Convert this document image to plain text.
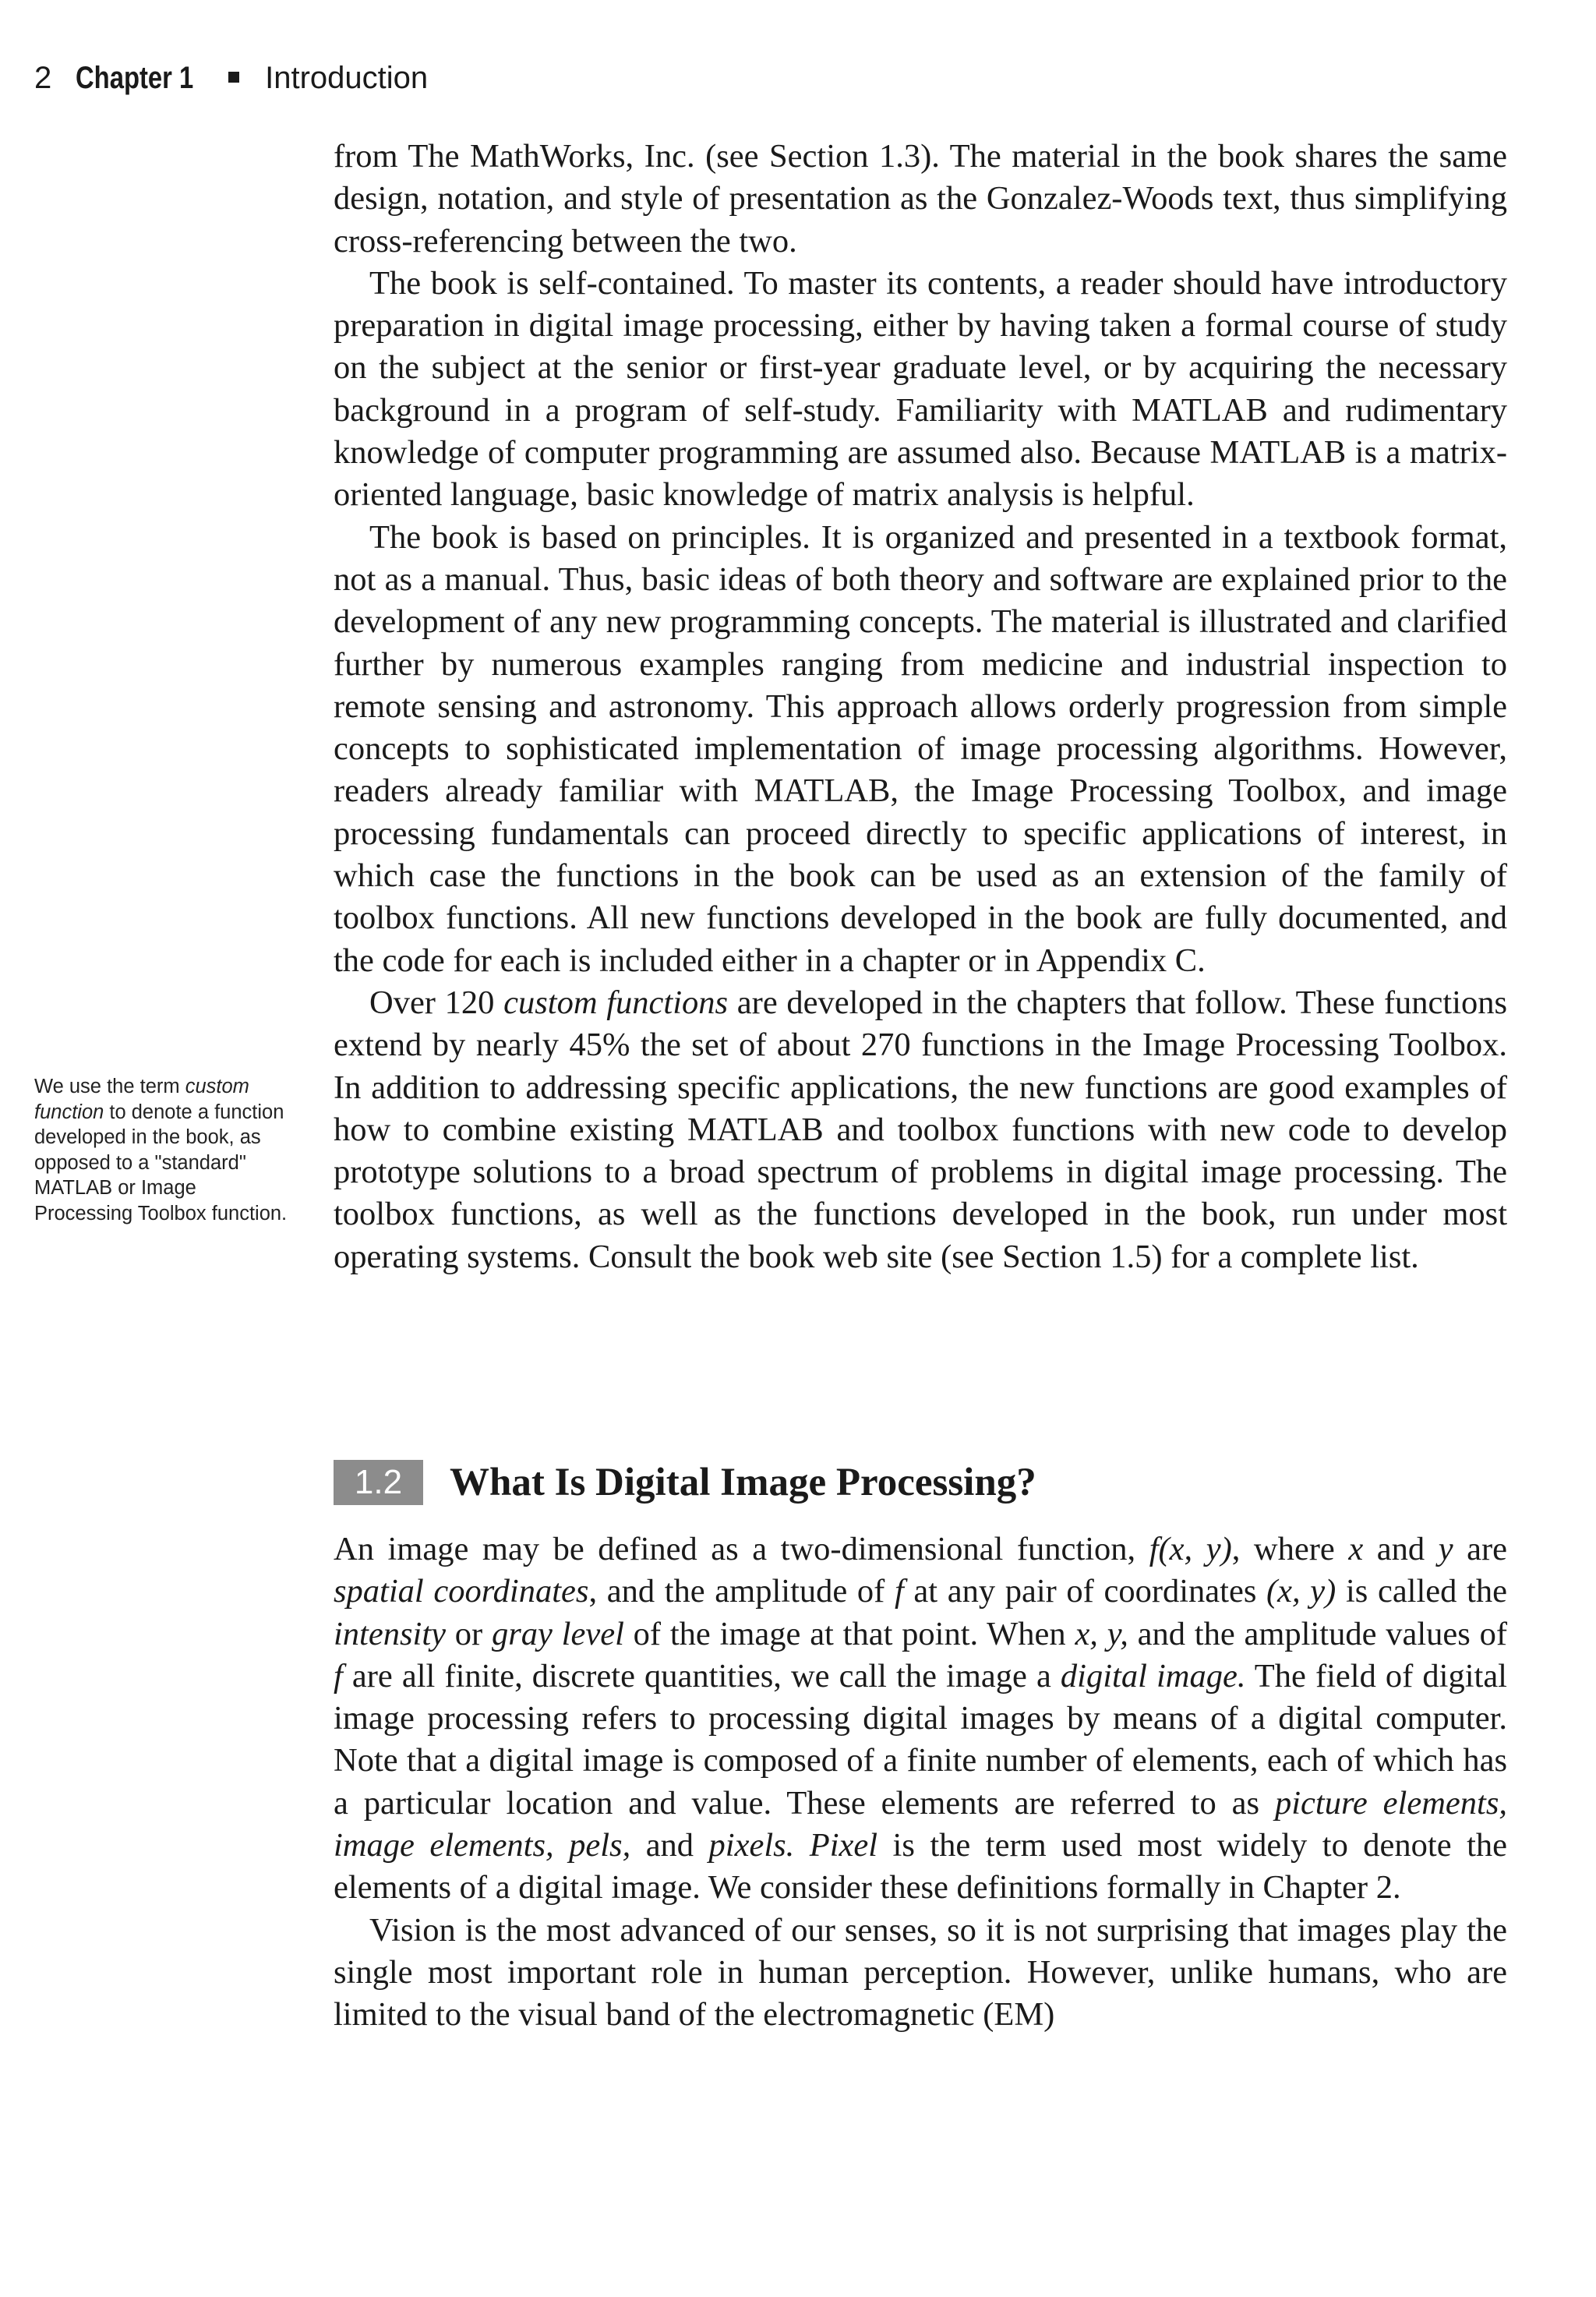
2 Chapter 1 Introduction

from The MathWorks, Inc. (see Section 1.3). The material in the book shares the same design, notation, and style of presentation as the Gonzalez-Woods text, thus simplifying cross-referencing between the two.

The book is self-contained. To master its contents, a reader should have introductory preparation in digital image processing, either by having taken a formal course of study on the subject at the senior or first-year graduate level, or by acquiring the necessary background in a program of self-study. Familiarity with MATLAB and rudimentary knowledge of computer programming are assumed also. Because MATLAB is a matrix-oriented language, basic knowledge of matrix analysis is helpful.

The book is based on principles. It is organized and presented in a textbook format, not as a manual. Thus, basic ideas of both theory and software are explained prior to the development of any new programming concepts. The material is illustrated and clarified further by numerous examples ranging from medicine and industrial inspection to remote sensing and astronomy. This approach allows orderly progression from simple concepts to sophisticated implementation of image processing algorithms. However, readers already familiar with MATLAB, the Image Processing Toolbox, and image processing fundamentals can proceed directly to specific applications of interest, in which case the functions in the book can be used as an extension of the family of toolbox functions. All new functions developed in the book are fully documented, and the code for each is included either in a chapter or in Appendix C.

Over 120 custom functions are developed in the chapters that follow. These functions extend by nearly 45% the set of about 270 functions in the Image Processing Toolbox. In addition to addressing specific applications, the new functions are good examples of how to combine existing MATLAB and toolbox functions with new code to develop prototype solutions to a broad spectrum of problems in digital image processing. The toolbox functions, as well as the functions developed in the book, run under most operating systems. Consult the book web site (see Section 1.5) for a complete list.

We use the term custom function to denote a function developed in the book, as opposed to a "standard" MATLAB or Image Processing Toolbox function.
1.2	What Is Digital Image Processing?

An image may be defined as a two-dimensional function, f(x, y), where x and y are spatial coordinates, and the amplitude of f at any pair of coordinates (x, y) is called the intensity or gray level of the image at that point. When x, y, and the amplitude values of f are all finite, discrete quantities, we call the image a digital image. The field of digital image processing refers to processing digital images by means of a digital computer. Note that a digital image is composed of a finite number of elements, each of which has a particular location and value. These elements are referred to as picture elements, image elements, pels, and pixels. Pixel is the term used most widely to denote the elements of a digital image. We consider these definitions formally in Chapter 2.

Vision is the most advanced of our senses, so it is not surprising that images play the single most important role in human perception. However, unlike humans, who are limited to the visual band of the electromagnetic (EM)
